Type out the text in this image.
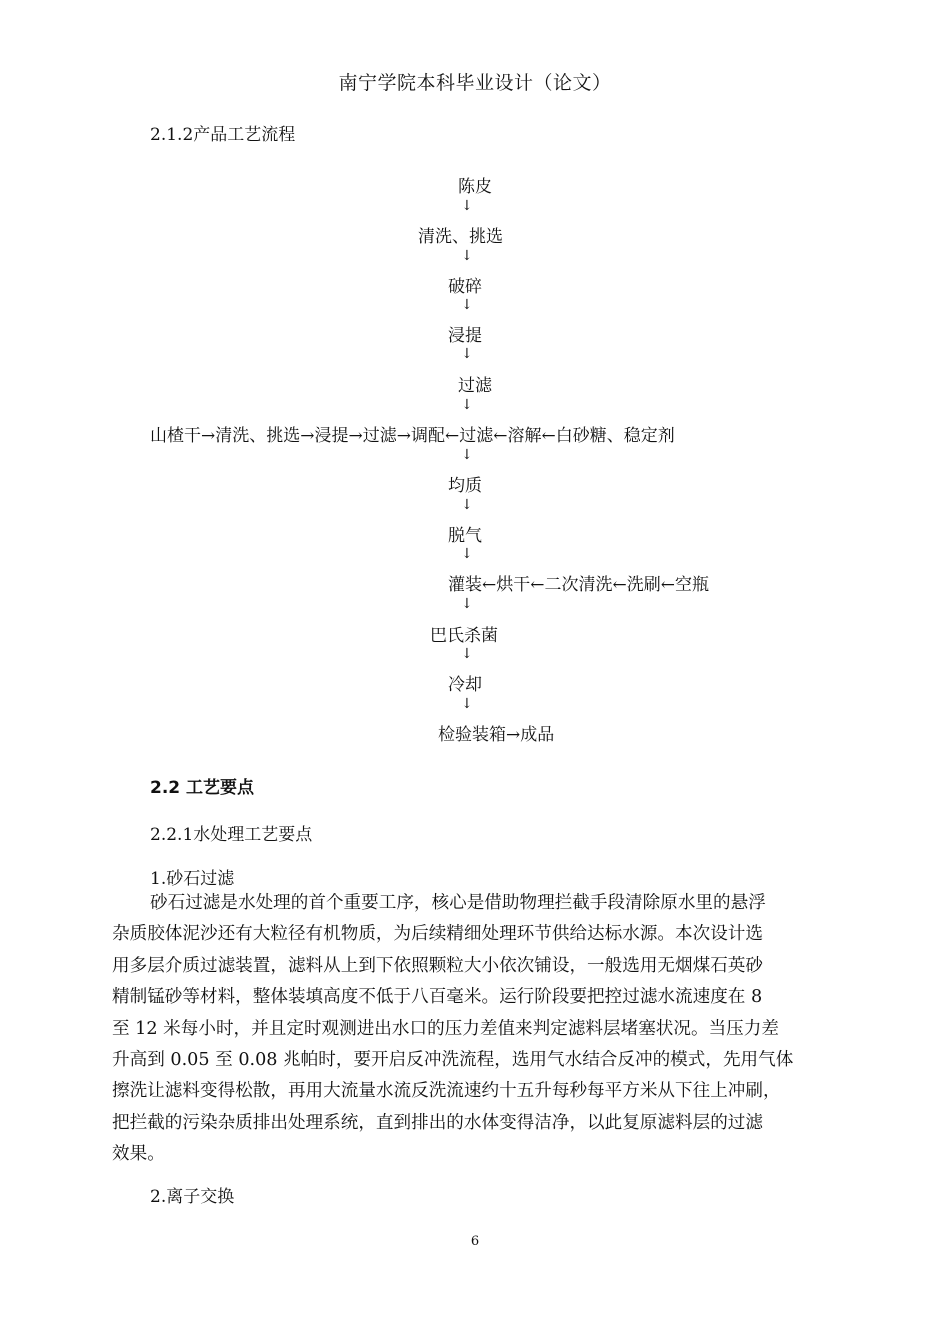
南宁学院本科毕业设计（论文）
2.1.2产品工艺流程
陈皮
↓
清洗、挑选
↓
破碎
↓
浸提
↓
过滤
↓
山楂干→清洗、挑选→浸提→过滤→调配←过滤←溶解←白砂糖、稳定剂
↓
均质
↓
脱气
↓
灌装←烘干←二次清洗←洗刷←空瓶
↓
巴氏杀菌
↓
冷却
↓
检验装箱→成品
2.2 工艺要点
2.2.1水处理工艺要点
1.砂石过滤
砂石过滤是水处理的首个重要工序，核心是借助物理拦截手段清除原水里的悬浮
杂质胶体泥沙还有大粒径有机物质，为后续精细处理环节供给达标水源。本次设计选
用多层介质过滤装置，滤料从上到下依照颗粒大小依次铺设，一般选用无烟煤石英砂
精制锰砂等材料，整体装填高度不低于八百毫米。运行阶段要把控过滤水流速度在 8
至 12 米每小时，并且定时观测进出水口的压力差值来判定滤料层堵塞状况。当压力差
升高到 0.05 至 0.08 兆帕时，要开启反冲洗流程，选用气水结合反冲的模式，先用气体
擦洗让滤料变得松散，再用大流量水流反洗流速约十五升每秒每平方米从下往上冲刷，
把拦截的污染杂质排出处理系统，直到排出的水体变得洁净，以此复原滤料层的过滤
效果。
2.离子交换
6
